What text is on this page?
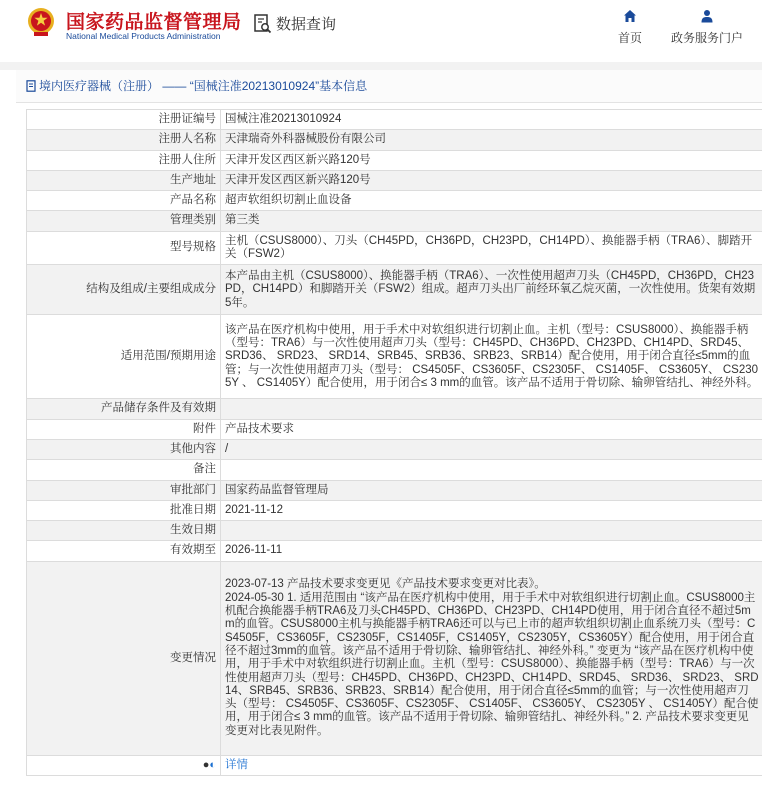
国家药品监督管理局
National Medical Products Administration
数据查询
首页	政务服务门户
境内医疗器械（注册） —— “国械注准20213010924”基本信息
注册证编号	国械注准20213010924
注册人名称	天津瑞奇外科器械股份有限公司
注册人住所	天津开发区西区新兴路120号
生产地址	天津开发区西区新兴路120号
产品名称	超声软组织切割止血设备
管理类别	第三类
型号规格	主机（CSUS8000）、刀头（CH45PD，CH36PD，CH23PD，CH14PD）、换能器手柄（TRA6）、脚踏开关（FSW2）
结构及组成/主要组成成分	本产品由主机（CSUS8000）、换能器手柄（TRA6）、一次性使用超声刀头（CH45PD，CH36PD，CH23PD，CH14PD）和脚踏开关（FSW2）组成。超声刀头出厂前经环氧乙烷灭菌，一次性使用。货架有效期5年。
适用范围/预期用途	该产品在医疗机构中使用，用于手术中对软组织进行切割止血。主机（型号：CSUS8000）、换能器手柄（型号：TRA6）与一次性使用超声刀头（型号：CH45PD、CH36PD、CH23PD、CH14PD、SRD45、 SRD36、 SRD23、 SRD14、SRB45、SRB36、SRB23、SRB14）配合使用，用于闭合直径≤5mm的血管；与一次性使用超声刀头（型号： CS4505F、CS3605F、CS2305F、 CS1405F、 CS3605Y、 CS2305Y 、 CS1405Y）配合使用，用于闭合≤ 3 mm的血管。该产品不适用于骨切除、输卵管结扎、神经外科。
产品储存条件及有效期	
附件	产品技术要求
其他内容	/
备注	
审批部门	国家药品监督管理局
批准日期	2021-11-12
生效日期	
有效期至	2026-11-11
变更情况	2023-07-13 产品技术要求变更见《产品技术要求变更对比表》。
2024-05-30 1. 适用范围由 “该产品在医疗机构中使用，用于手术中对软组织进行切割止血。CSUS8000主机配合换能器手柄TRA6及刀头CH45PD、CH36PD、CH23PD、CH14PD使用，用于闭合直径不超过5mm的血管。CSUS8000主机与换能器手柄TRA6还可以与已上市的超声软组织切割止血系统刀头（型号：CS4505F，CS3605F，CS2305F，CS1405F，CS1405Y，CS2305Y，CS3605Y）配合使用，用于闭合直径不超过3mm的血管。该产品不适用于骨切除、输卵管结扎、神经外科。” 变更为 “该产品在医疗机构中使用，用于手术中对软组织进行切割止血。主机（型号：CSUS8000）、换能器手柄（型号：TRA6）与一次性使用超声刀头（型号：CH45PD、CH36PD、CH23PD、CH14PD、SRD45、 SRD36、 SRD23、 SRD14、SRB45、SRB36、SRB23、SRB14）配合使用，用于闭合直径≤5mm的血管；与一次性使用超声刀头（型号： CS4505F、CS3605F、CS2305F、 CS1405F、 CS3605Y、 CS2305Y 、 CS1405Y）配合使用，用于闭合≤ 3 mm的血管。该产品不适用于骨切除、输卵管结扎、神经外科。” 2. 产品技术要求变更见变更对比表见附件。
●◐	详情
